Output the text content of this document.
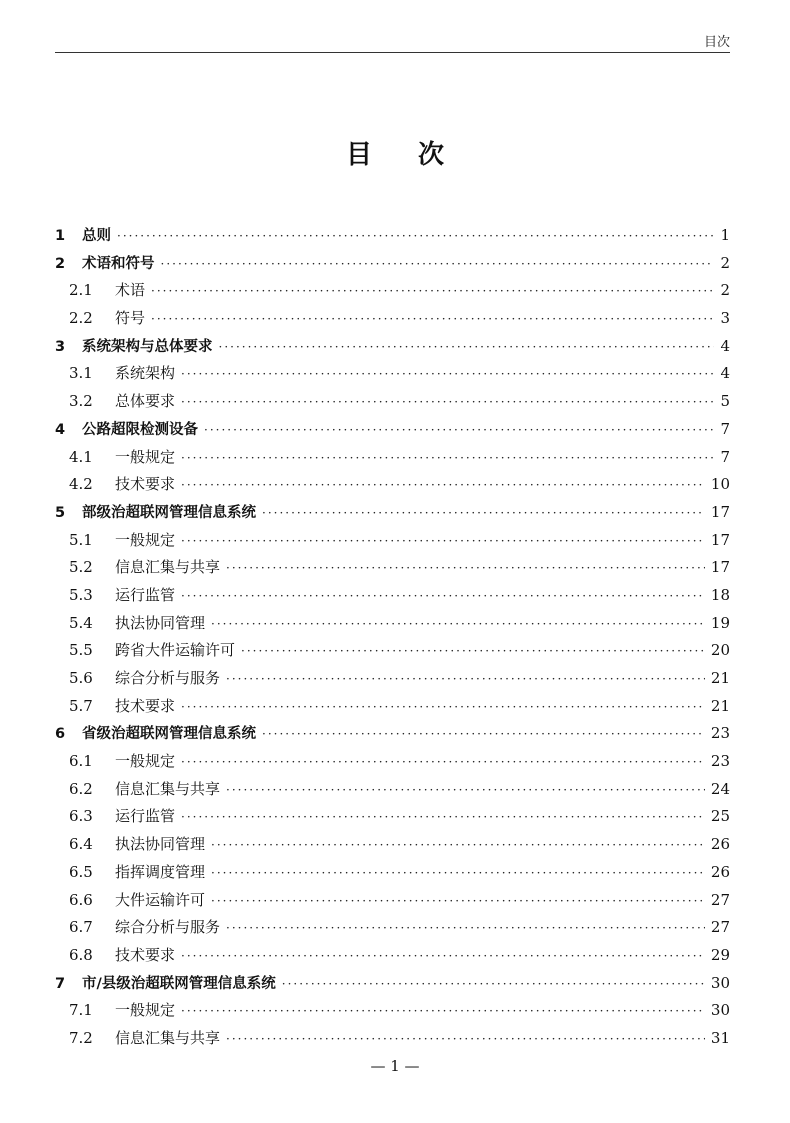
目次
目次
1	总则 ·····	1
2	术语和符号 ·····	2
2.1	术语 ·····	2
2.2	符号 ·····	3
3	系统架构与总体要求 ·····	4
3.1	系统架构 ·····	4
3.2	总体要求 ·····	5
4	公路超限检测设备 ·····	7
4.1	一般规定 ·····	7
4.2	技术要求 ·····	10
5	部级治超联网管理信息系统 ·····	17
5.1	一般规定 ·····	17
5.2	信息汇集与共享 ·····	17
5.3	运行监管 ·····	18
5.4	执法协同管理 ·····	19
5.5	跨省大件运输许可 ·····	20
5.6	综合分析与服务 ·····	21
5.7	技术要求 ·····	21
6	省级治超联网管理信息系统 ·····	23
6.1	一般规定 ·····	23
6.2	信息汇集与共享 ·····	24
6.3	运行监管 ·····	25
6.4	执法协同管理 ·····	26
6.5	指挥调度管理 ·····	26
6.6	大件运输许可 ·····	27
6.7	综合分析与服务 ·····	27
6.8	技术要求 ·····	29
7	市/县级治超联网管理信息系统 ·····	30
7.1	一般规定 ·····	30
7.2	信息汇集与共享 ·····	31
— 1 —
